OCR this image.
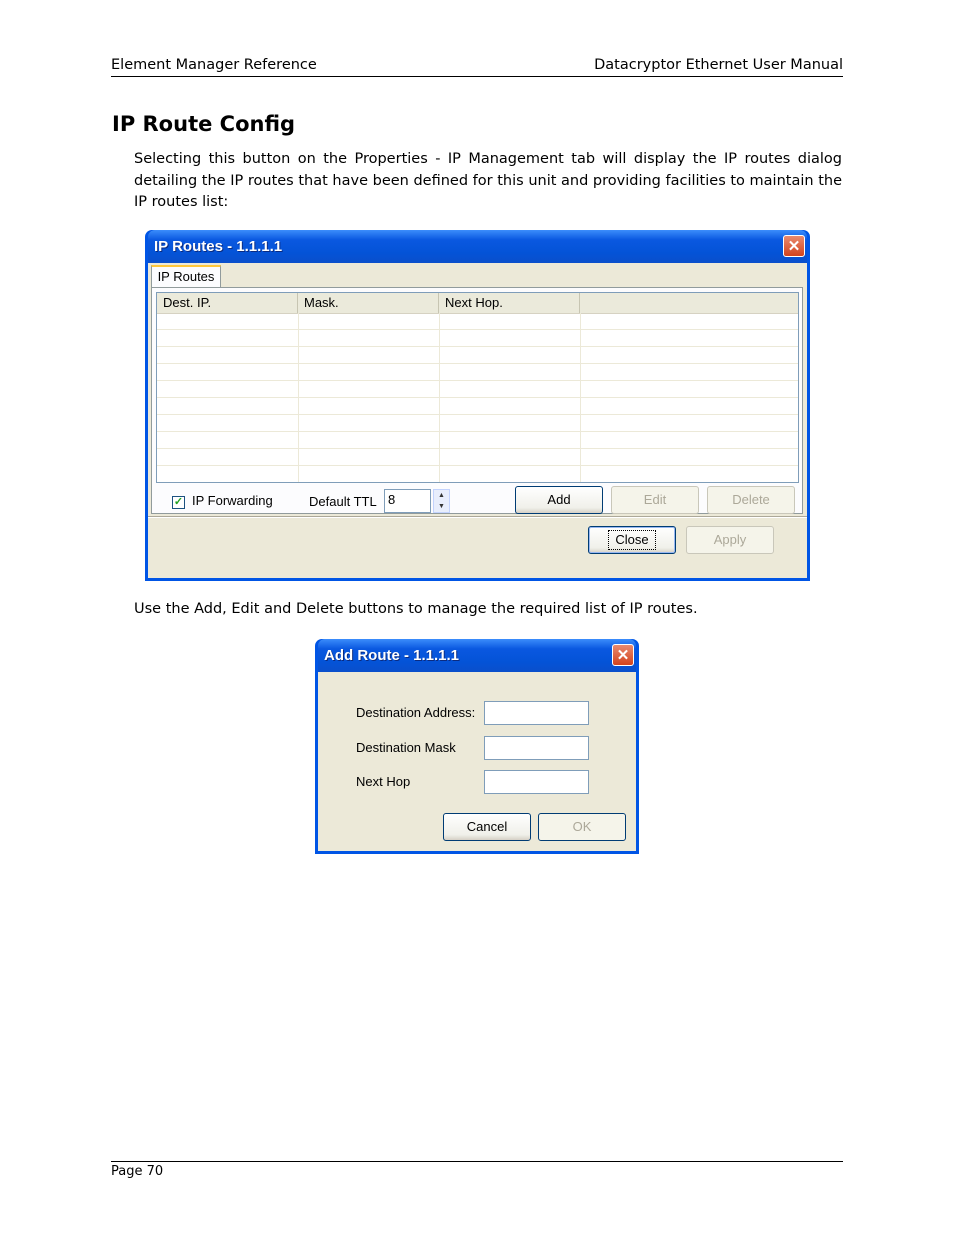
Element Manager Reference	Datacryptor Ethernet User Manual
IP Route Config
Selecting this button on the Properties - IP Management tab will display the IP routes dialog detailing the IP routes that have been defined for this unit and providing facilities to maintain the IP routes list:
IP Routes - 1.1.1.1	✕
IP Routes
Dest. IP.	Mask.	Next Hop.
✓ IP Forwarding	Default TTL 8	▲
▼	Add	Edit	Delete
Close	Apply
Use the Add, Edit and Delete buttons to manage the required list of IP routes.
Add Route - 1.1.1.1	✕
Destination Address:
Destination Mask
Next Hop
Cancel	OK
Page 70
